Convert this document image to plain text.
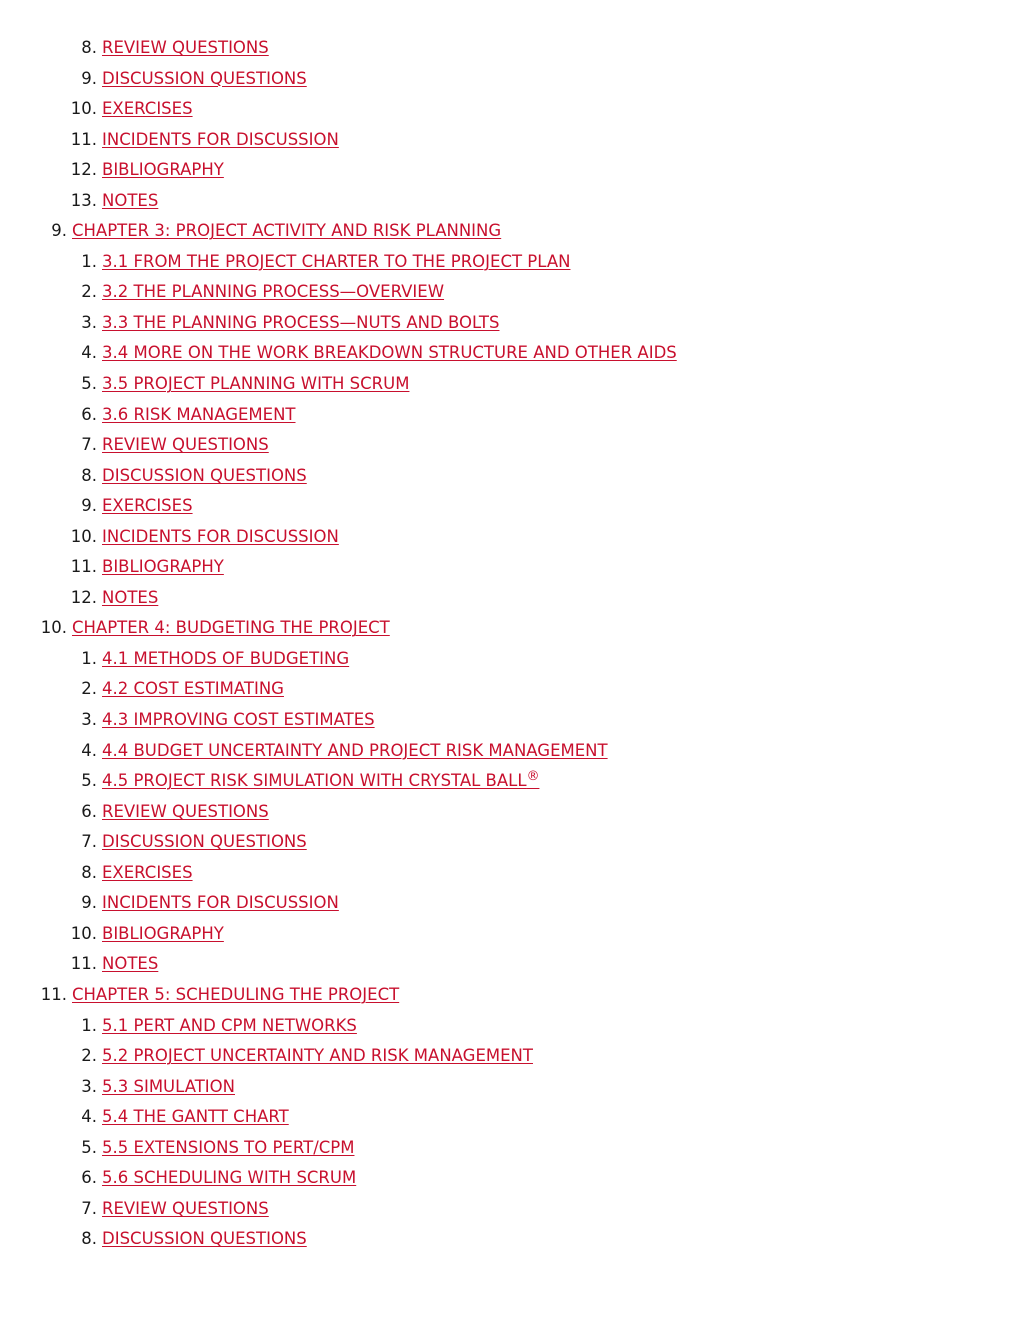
8. REVIEW QUESTIONS
9. DISCUSSION QUESTIONS
10. EXERCISES
11. INCIDENTS FOR DISCUSSION
12. BIBLIOGRAPHY
13. NOTES
9. CHAPTER 3: PROJECT ACTIVITY AND RISK PLANNING
1. 3.1 FROM THE PROJECT CHARTER TO THE PROJECT PLAN
2. 3.2 THE PLANNING PROCESS—OVERVIEW
3. 3.3 THE PLANNING PROCESS—NUTS AND BOLTS
4. 3.4 MORE ON THE WORK BREAKDOWN STRUCTURE AND OTHER AIDS
5. 3.5 PROJECT PLANNING WITH SCRUM
6. 3.6 RISK MANAGEMENT
7. REVIEW QUESTIONS
8. DISCUSSION QUESTIONS
9. EXERCISES
10. INCIDENTS FOR DISCUSSION
11. BIBLIOGRAPHY
12. NOTES
10. CHAPTER 4: BUDGETING THE PROJECT
1. 4.1 METHODS OF BUDGETING
2. 4.2 COST ESTIMATING
3. 4.3 IMPROVING COST ESTIMATES
4. 4.4 BUDGET UNCERTAINTY AND PROJECT RISK MANAGEMENT
5. 4.5 PROJECT RISK SIMULATION WITH CRYSTAL BALL®
6. REVIEW QUESTIONS
7. DISCUSSION QUESTIONS
8. EXERCISES
9. INCIDENTS FOR DISCUSSION
10. BIBLIOGRAPHY
11. NOTES
11. CHAPTER 5: SCHEDULING THE PROJECT
1. 5.1 PERT AND CPM NETWORKS
2. 5.2 PROJECT UNCERTAINTY AND RISK MANAGEMENT
3. 5.3 SIMULATION
4. 5.4 THE GANTT CHART
5. 5.5 EXTENSIONS TO PERT/CPM
6. 5.6 SCHEDULING WITH SCRUM
7. REVIEW QUESTIONS
8. DISCUSSION QUESTIONS
